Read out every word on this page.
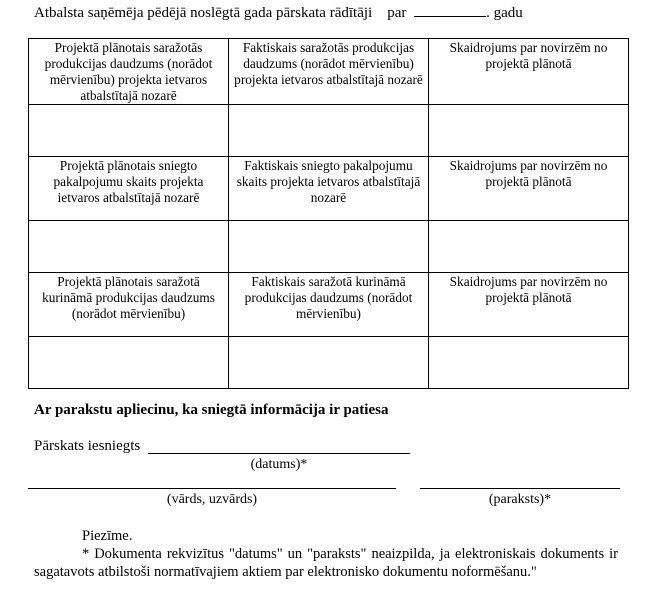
Atbalsta saņēmēja pēdējā noslēgtā gada pārskata rādītāji par	. gadu
Projektā plānotais saražotās produkcijas daudzums (norādot mērvienību) projekta ietvaros atbalstītajā nozarē	Faktiskais saražotās produkcijas daudzums (norādot mērvienību) projekta ietvaros atbalstītajā nozarē	Skaidrojums par novirzēm no projektā plānotā

Projektā plānotais sniegto pakalpojumu skaits projekta ietvaros atbalstītajā nozarē	Faktiskais sniegto pakalpojumu skaits projekta ietvaros atbalstītajā nozarē	Skaidrojums par novirzēm no projektā plānotā

Projektā plānotais saražotā kurināmā produkcijas daudzums (norādot mērvienību)	Faktiskais saražotā kurināmā produkcijas daudzums (norādot mērvienību)	Skaidrojums par novirzēm no projektā plānotā

Ar parakstu apliecinu, ka sniegtā informācija ir patiesa
Pārskats iesniegts
(datums)*
(vārds, uzvārds)	(paraksts)*
Piezīme.
* Dokumenta rekvizītus "datums" un "paraksts" neaizpilda, ja elektroniskais dokuments ir sagatavots atbilstoši normatīvajiem aktiem par elektronisko dokumentu noformēšanu."
